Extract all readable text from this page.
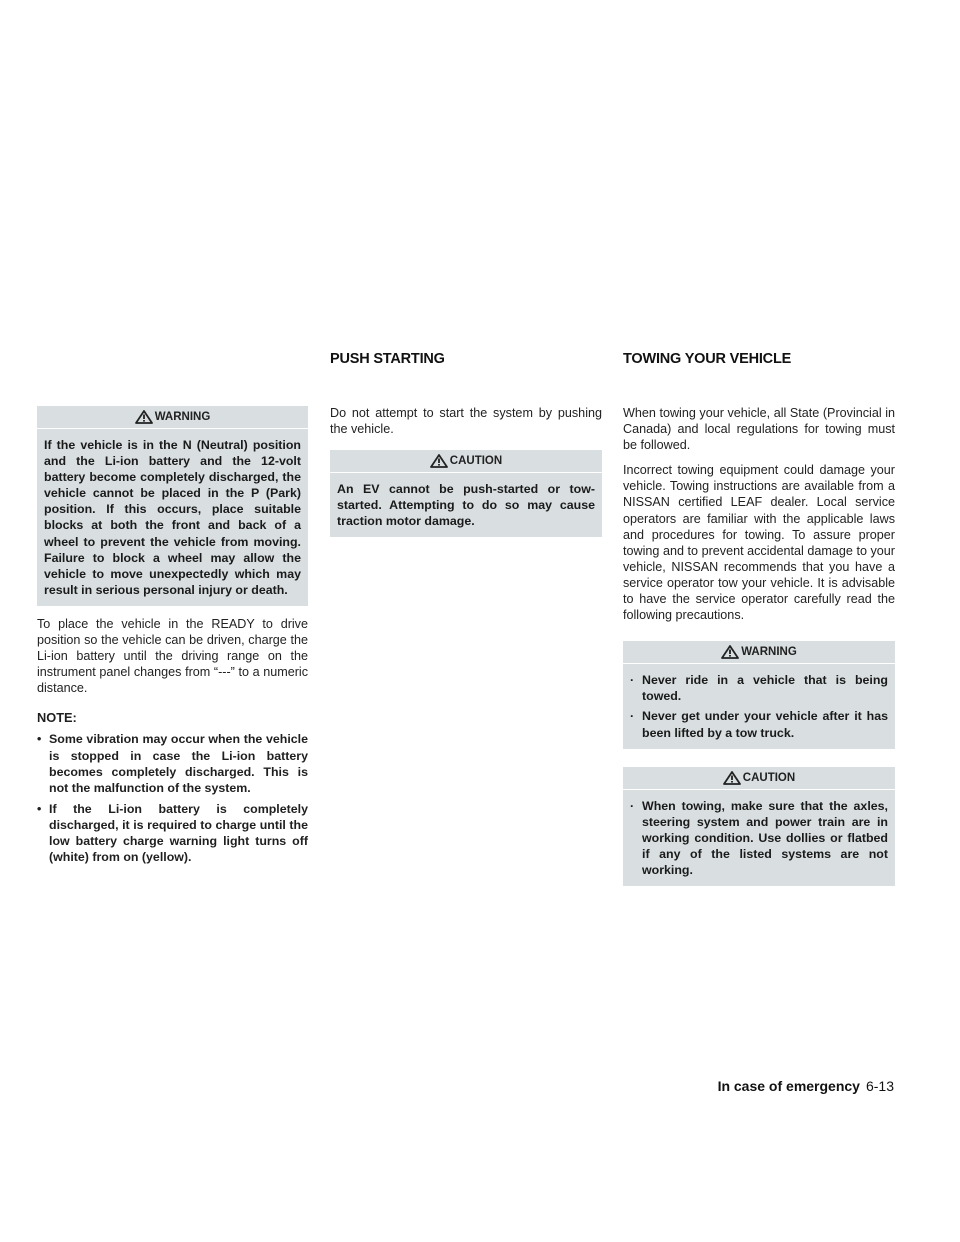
WARNING

If the vehicle is in the N (Neutral) position and the Li-ion battery and the 12-volt battery become completely discharged, the vehicle cannot be placed in the P (Park) position. If this occurs, place suitable blocks at both the front and back of a wheel to prevent the vehicle from moving. Failure to block a wheel may allow the vehicle to move unexpectedly which may result in serious personal injury or death.

To place the vehicle in the READY to drive position so the vehicle can be driven, charge the Li-ion battery until the driving range on the instrument panel changes from “---” to a numeric distance.

NOTE:
• Some vibration may occur when the vehicle is stopped in case the Li-ion battery becomes completely discharged. This is not the malfunction of the system.
• If the Li-ion battery is completely discharged, it is required to charge until the low battery charge warning light turns off (white) from on (yellow).
PUSH STARTING

Do not attempt to start the system by pushing the vehicle.

CAUTION

An EV cannot be push-started or tow-started. Attempting to do so may cause traction motor damage.

TOWING YOUR VEHICLE

When towing your vehicle, all State (Provincial in Canada) and local regulations for towing must be followed.

Incorrect towing equipment could damage your vehicle. Towing instructions are available from a NISSAN certified LEAF dealer. Local service operators are familiar with the applicable laws and procedures for towing. To assure proper towing and to prevent accidental damage to your vehicle, NISSAN recommends that you have a service operator tow your vehicle. It is advisable to have the service operator carefully read the following precautions.

WARNING
· Never ride in a vehicle that is being towed.
· Never get under your vehicle after it has been lifted by a tow truck.
CAUTION
· When towing, make sure that the axles, steering system and power train are in working condition. Use dollies or flatbed if any of the listed systems are not working.
In case of emergency 6-13
